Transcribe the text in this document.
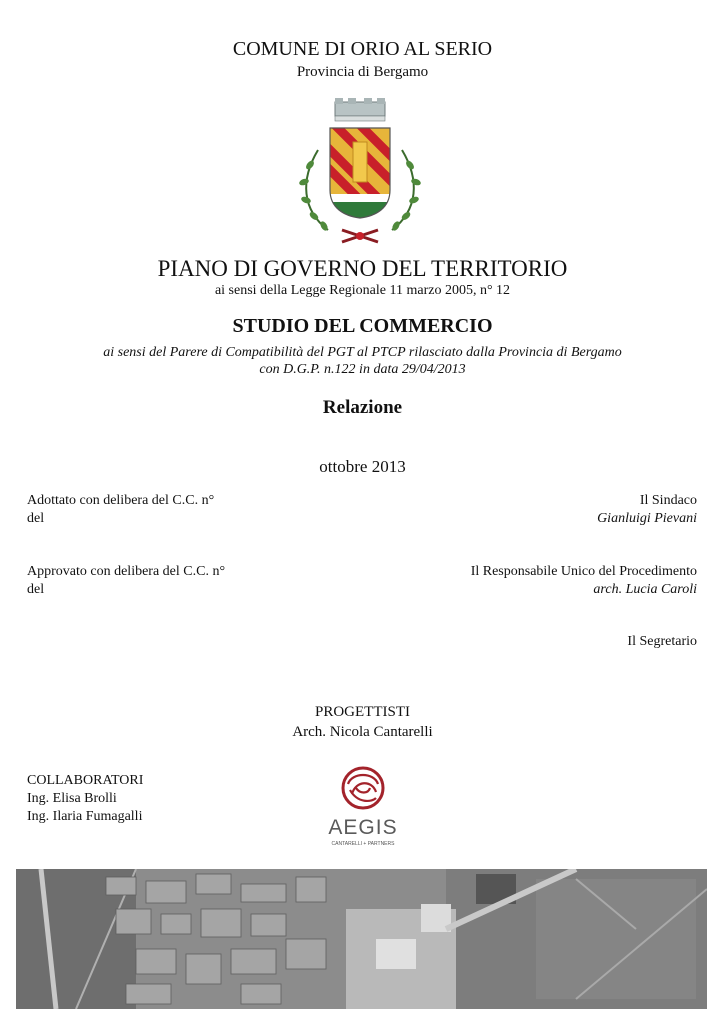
COMUNE DI ORIO AL SERIO
Provincia di Bergamo
PIANO DI GOVERNO DEL TERRITORIO
ai sensi della Legge Regionale 11 marzo 2005, n° 12
STUDIO DEL COMMERCIO
ai sensi del Parere di Compatibilità del PGT al PTCP rilasciato dalla Provincia di Bergamo
con D.G.P. n.122 in data 29/04/2013
Relazione
ottobre 2013
Adottato con delibera del C.C. n°
del
Il Sindaco
Gianluigi Pievani
Approvato con delibera del C.C. n°
del
Il Responsabile Unico del Procedimento
arch. Lucia Caroli
Il Segretario
PROGETTISTI
Arch. Nicola Cantarelli
COLLABORATORI
Ing. Elisa Brolli
Ing. Ilaria Fumagalli	AEGIS
CANTARELLI + PARTNERS
